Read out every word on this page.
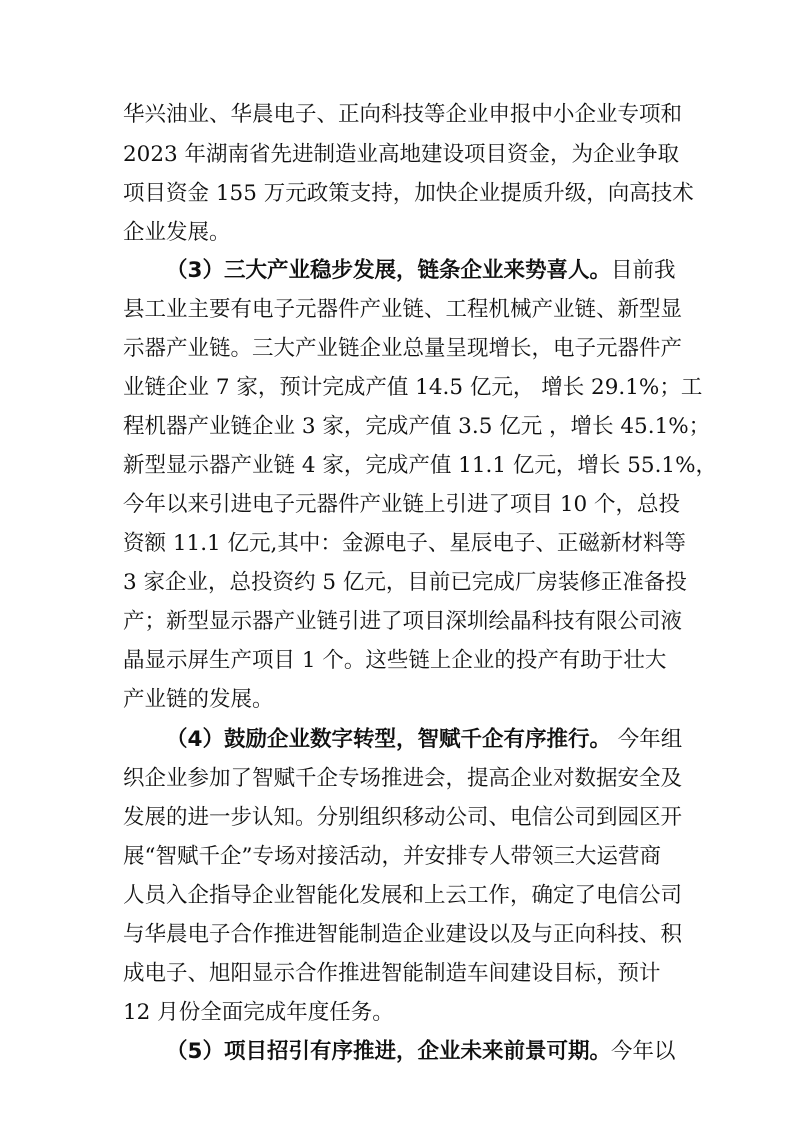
华兴油业、华晨电子、正向科技等企业申报中小企业专项和
2023 年湖南省先进制造业高地建设项目资金，为企业争取
项目资金 155 万元政策支持，加快企业提质升级，向高技术
企业发展。
（3）三大产业稳步发展，链条企业来势喜人。目前我
县工业主要有电子元器件产业链、工程机械产业链、新型显
示器产业链。三大产业链企业总量呈现增长，电子元器件产
业链企业 7 家，预计完成产值 14.5 亿元， 增长 29.1%；工
程机器产业链企业 3 家，完成产值 3.5 亿元 ，增长 45.1%；
新型显示器产业链 4 家，完成产值 11.1 亿元，增长 55.1%，
今年以来引进电子元器件产业链上引进了项目 10 个，总投
资额 11.1 亿元,其中：金源电子、星辰电子、正磁新材料等
3 家企业，总投资约 5 亿元，目前已完成厂房装修正准备投
产；新型显示器产业链引进了项目深圳绘晶科技有限公司液
晶显示屏生产项目 1 个。这些链上企业的投产有助于壮大
产业链的发展。
（4）鼓励企业数字转型，智赋千企有序推行。 今年组
织企业参加了智赋千企专场推进会，提高企业对数据安全及
发展的进一步认知。分别组织移动公司、电信公司到园区开
展“智赋千企”专场对接活动，并安排专人带领三大运营商
人员入企指导企业智能化发展和上云工作，确定了电信公司
与华晨电子合作推进智能制造企业建设以及与正向科技、积
成电子、旭阳显示合作推进智能制造车间建设目标，预计
12 月份全面完成年度任务。
（5）项目招引有序推进，企业未来前景可期。今年以
